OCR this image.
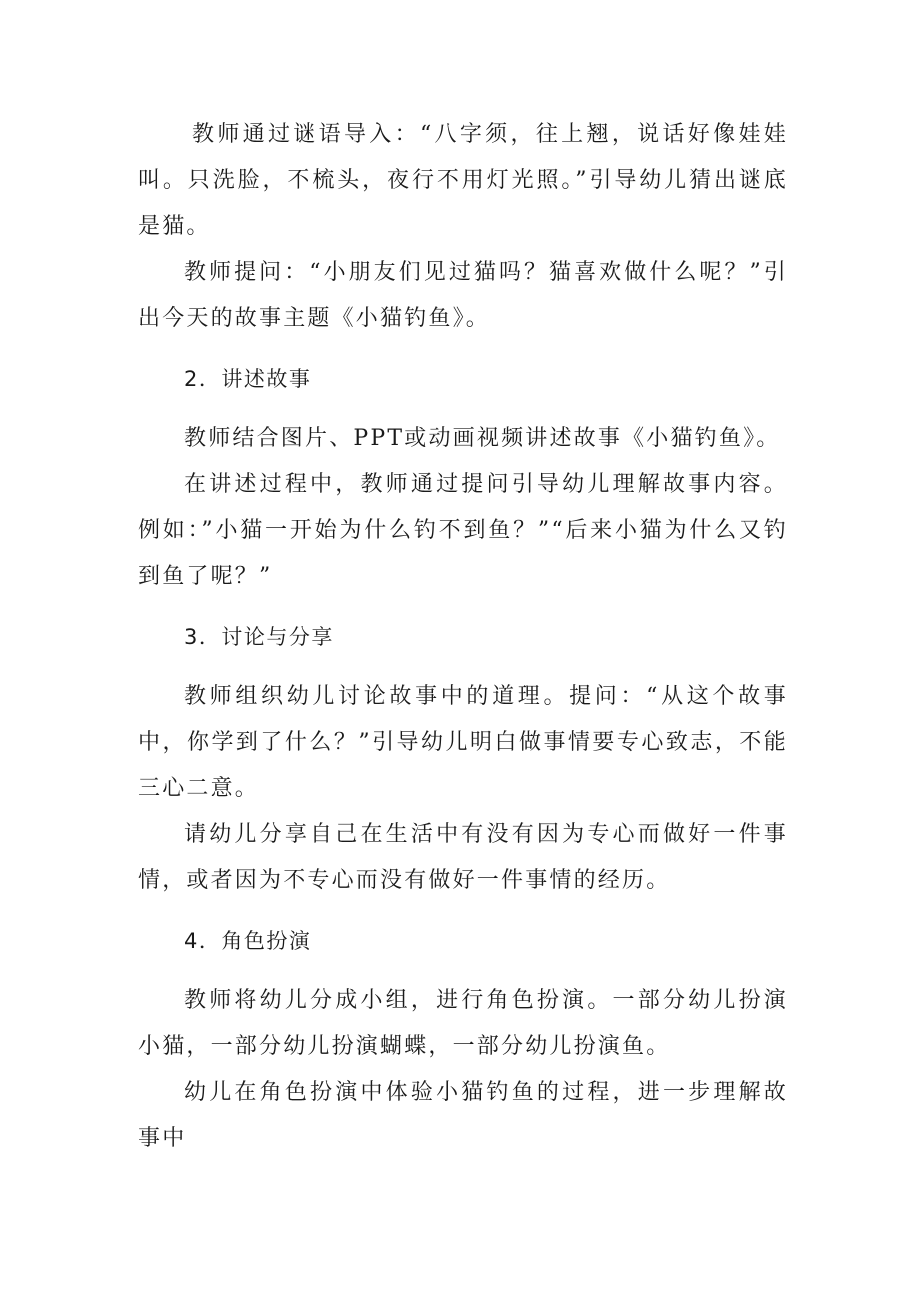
教师通过谜语导入：“八字须，往上翘，说话好像娃娃叫。只洗脸，不梳头，夜行不用灯光照。”引导幼儿猜出谜底是猫。

教师提问：“小朋友们见过猫吗？猫喜欢做什么呢？”引出今天的故事主题《小猫钓鱼》。

2．讲述故事

教师结合图片、PPT或动画视频讲述故事《小猫钓鱼》。

在讲述过程中，教师通过提问引导幼儿理解故事内容。例如：”小猫一开始为什么钓不到鱼？”“后来小猫为什么又钓到鱼了呢？”

3．讨论与分享

教师组织幼儿讨论故事中的道理。提问：“从这个故事中，你学到了什么？”引导幼儿明白做事情要专心致志，不能三心二意。

请幼儿分享自己在生活中有没有因为专心而做好一件事情，或者因为不专心而没有做好一件事情的经历。

4．角色扮演

教师将幼儿分成小组，进行角色扮演。一部分幼儿扮演小猫，一部分幼儿扮演蝴蝶，一部分幼儿扮演鱼。

幼儿在角色扮演中体验小猫钓鱼的过程，进一步理解故事中
